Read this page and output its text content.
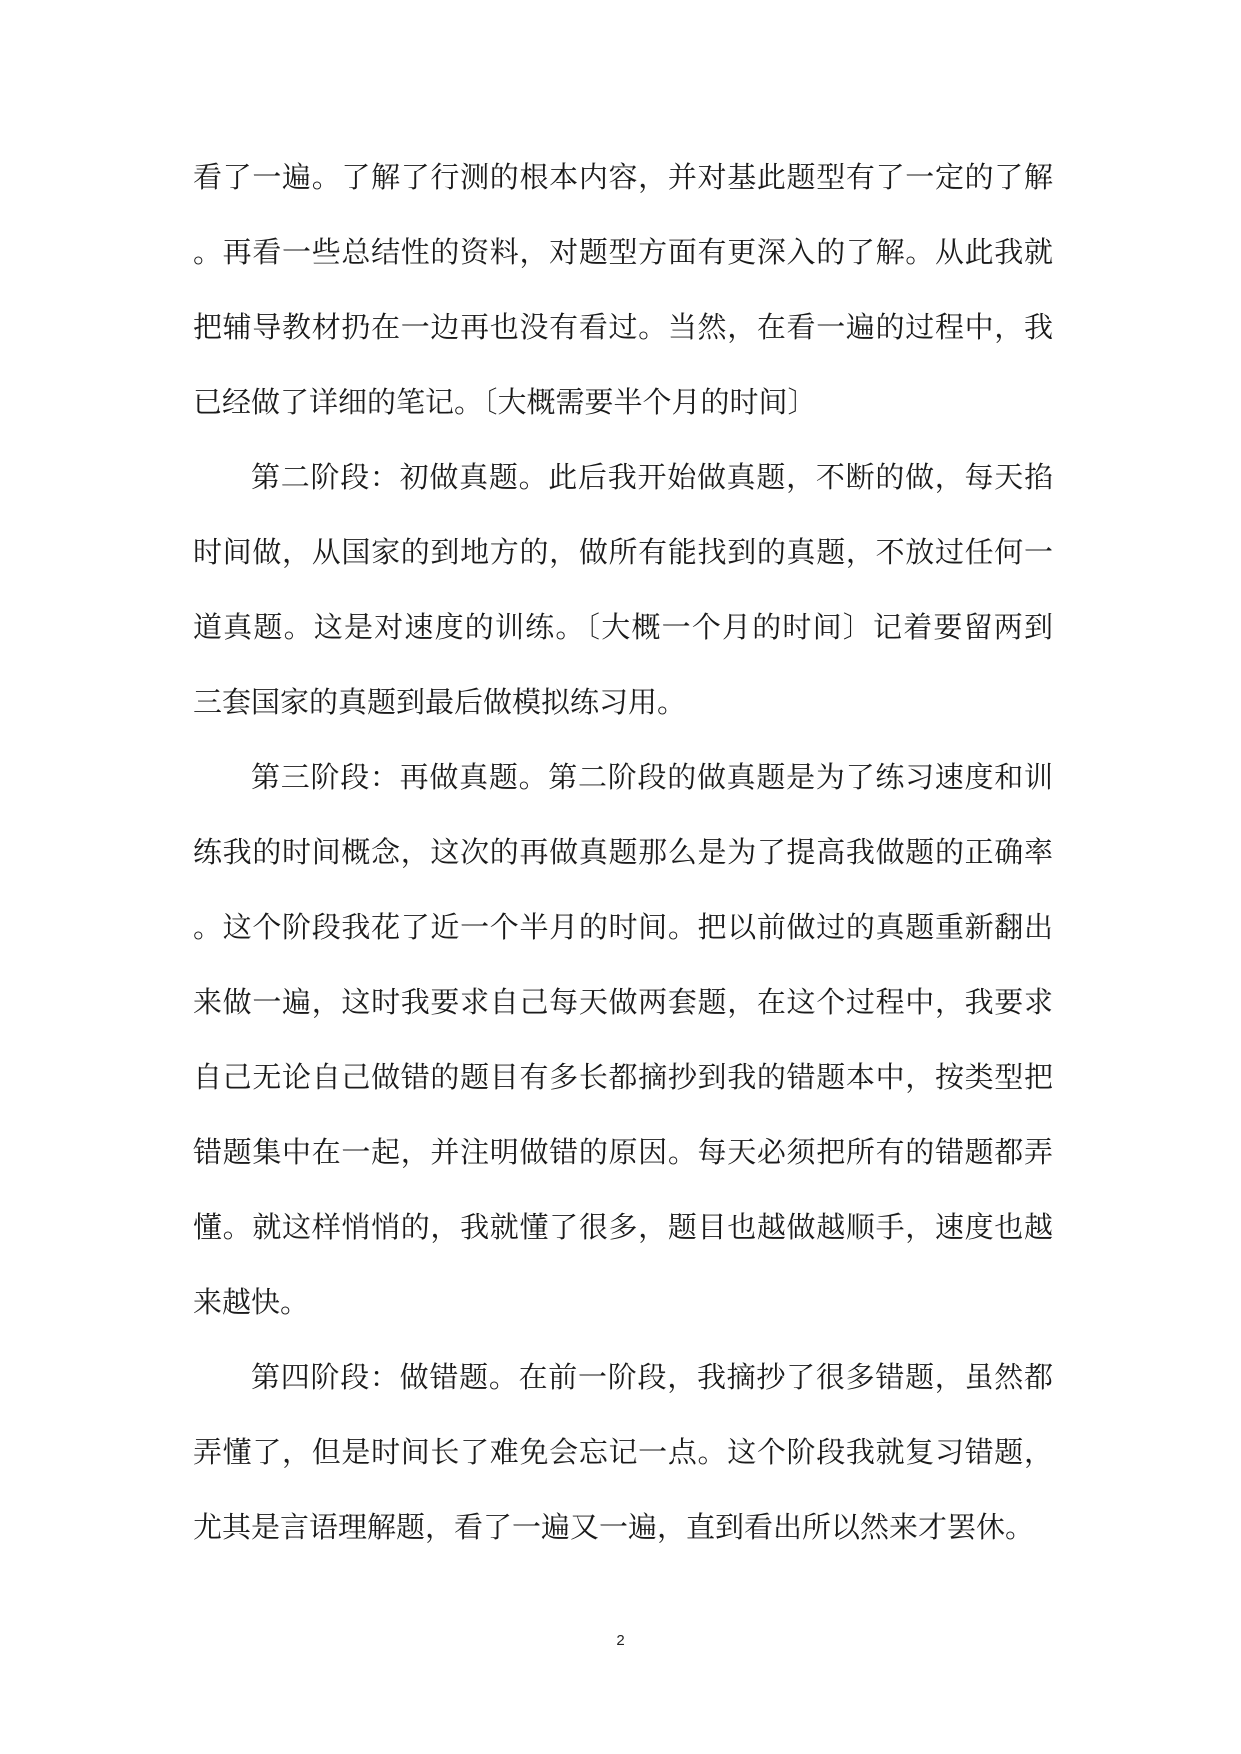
看了一遍。了解了行测的根本内容，并对基此题型有了一定的了解
。再看一些总结性的资料，对题型方面有更深入的了解。从此我就
把辅导教材扔在一边再也没有看过。当然，在看一遍的过程中，我
已经做了详细的笔记。〔大概需要半个月的时间〕
第二阶段：初做真题。此后我开始做真题，不断的做，每天掐
时间做，从国家的到地方的，做所有能找到的真题，不放过任何一
道真题。这是对速度的训练。〔大概一个月的时间〕记着要留两到
三套国家的真题到最后做模拟练习用。
第三阶段：再做真题。第二阶段的做真题是为了练习速度和训
练我的时间概念，这次的再做真题那么是为了提高我做题的正确率
。这个阶段我花了近一个半月的时间。把以前做过的真题重新翻出
来做一遍，这时我要求自己每天做两套题，在这个过程中，我要求
自己无论自己做错的题目有多长都摘抄到我的错题本中，按类型把
错题集中在一起，并注明做错的原因。每天必须把所有的错题都弄
懂。就这样悄悄的，我就懂了很多，题目也越做越顺手，速度也越
来越快。
第四阶段：做错题。在前一阶段，我摘抄了很多错题，虽然都
弄懂了，但是时间长了难免会忘记一点。这个阶段我就复习错题，
尤其是言语理解题，看了一遍又一遍，直到看出所以然来才罢休。
2
